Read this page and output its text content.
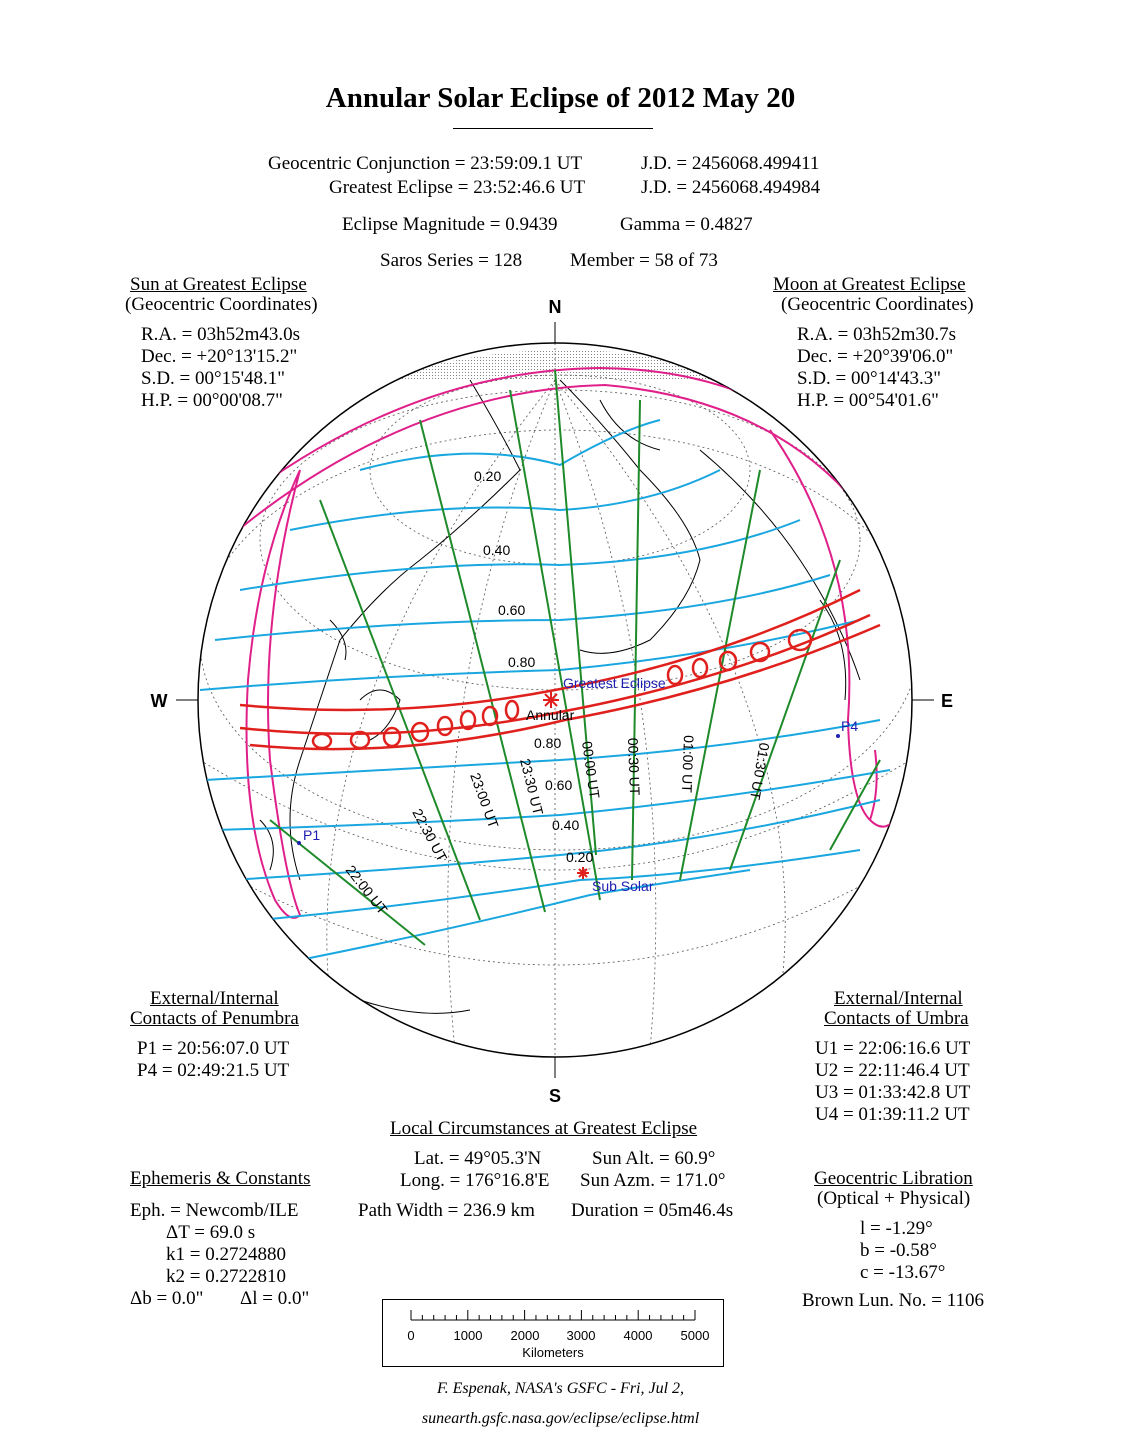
Annular Solar Eclipse of 2012 May 20
Geocentric Conjunction = 23:59:09.1 UT	J.D. = 2456068.499411
Greatest Eclipse = 23:52:46.6 UT	J.D. = 2456068.494984
Eclipse Magnitude = 0.9439	Gamma = 0.4827
Saros Series = 128	Member = 58 of 73
Sun at Greatest Eclipse
(Geocentric Coordinates)
R.A. = 03h52m43.0s
Dec. = +20°13'15.2"
S.D. = 00°15'48.1"
H.P. = 00°00'08.7"
Moon at Greatest Eclipse
(Geocentric Coordinates)
R.A. = 03h52m30.7s
Dec. = +20°39'06.0"
S.D. = 00°14'43.3"
H.P. = 00°54'01.6"
N
S
W	E
Greatest Eclipse
Annular
Sub Solar
P1
P4
0.20
0.40
0.60
0.80
0.80
0.60
0.40
0.20
22:00 UT
22:30 UT
23:00 UT 23:30 UT 00:00 UT 00:30 UT	01:00 UT	01:30 UT
External/Internal
Contacts of Penumbra
P1 = 20:56:07.0 UT
P4 = 02:49:21.5 UT
External/Internal
Contacts of Umbra
U1 = 22:06:16.6 UT
U2 = 22:11:46.4 UT
U3 = 01:33:42.8 UT
U4 = 01:39:11.2 UT
Local Circumstances at Greatest Eclipse
Lat. = 49°05.3'N
Long. = 176°16.8'E
Path Width = 236.9 km
Sun Alt. = 60.9°
Sun Azm. = 171.0°
Duration = 05m46.4s
Ephemeris & Constants
Eph. = Newcomb/ILE
ΔT = 69.0 s
k1 = 0.2724880
k2 = 0.2722810
Δb = 0.0" Δl = 0.0"
Geocentric Libration
(Optical + Physical)
l = -1.29°
b = -0.58°
c = -13.67°
Brown Lun. No. = 1106
0	1000 2000 3000 4000 5000
Kilometers
F. Espenak, NASA's GSFC - Fri, Jul 2,
sunearth.gsfc.nasa.gov/eclipse/eclipse.html
